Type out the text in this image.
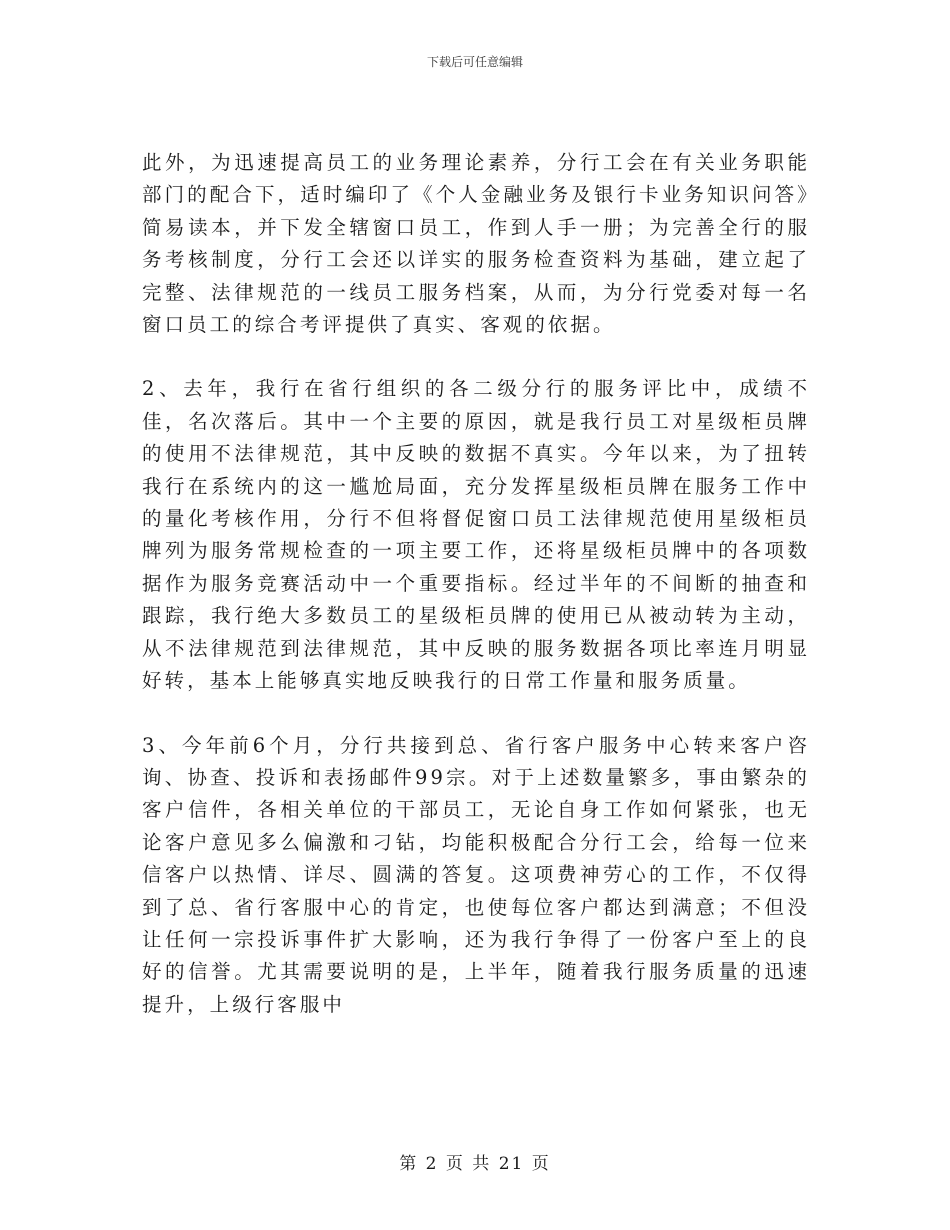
下载后可任意编辑

此外，为迅速提高员工的业务理论素养，分行工会在有关业务职能部门的配合下，适时编印了《个人金融业务及银行卡业务知识问答》简易读本，并下发全辖窗口员工，作到人手一册；为完善全行的服务考核制度，分行工会还以详实的服务检查资料为基础，建立起了完整、法律规范的一线员工服务档案，从而，为分行党委对每一名窗口员工的综合考评提供了真实、客观的依据。

2、去年，我行在省行组织的各二级分行的服务评比中，成绩不佳，名次落后。其中一个主要的原因，就是我行员工对星级柜员牌的使用不法律规范，其中反映的数据不真实。今年以来，为了扭转我行在系统内的这一尴尬局面，充分发挥星级柜员牌在服务工作中的量化考核作用，分行不但将督促窗口员工法律规范使用星级柜员牌列为服务常规检查的一项主要工作，还将星级柜员牌中的各项数据作为服务竞赛活动中一个重要指标。经过半年的不间断的抽查和跟踪，我行绝大多数员工的星级柜员牌的使用已从被动转为主动，从不法律规范到法律规范，其中反映的服务数据各项比率连月明显好转，基本上能够真实地反映我行的日常工作量和服务质量。

3、今年前6个月，分行共接到总、省行客户服务中心转来客户咨询、协查、投诉和表扬邮件99宗。对于上述数量繁多，事由繁杂的客户信件，各相关单位的干部员工，无论自身工作如何紧张，也无论客户意见多么偏激和刁钻，均能积极配合分行工会，给每一位来信客户以热情、详尽、圆满的答复。这项费神劳心的工作，不仅得到了总、省行客服中心的肯定，也使每位客户都达到满意；不但没让任何一宗投诉事件扩大影响，还为我行争得了一份客户至上的良好的信誉。尤其需要说明的是，上半年，随着我行服务质量的迅速提升，上级行客服中

第 2 页 共 21 页
